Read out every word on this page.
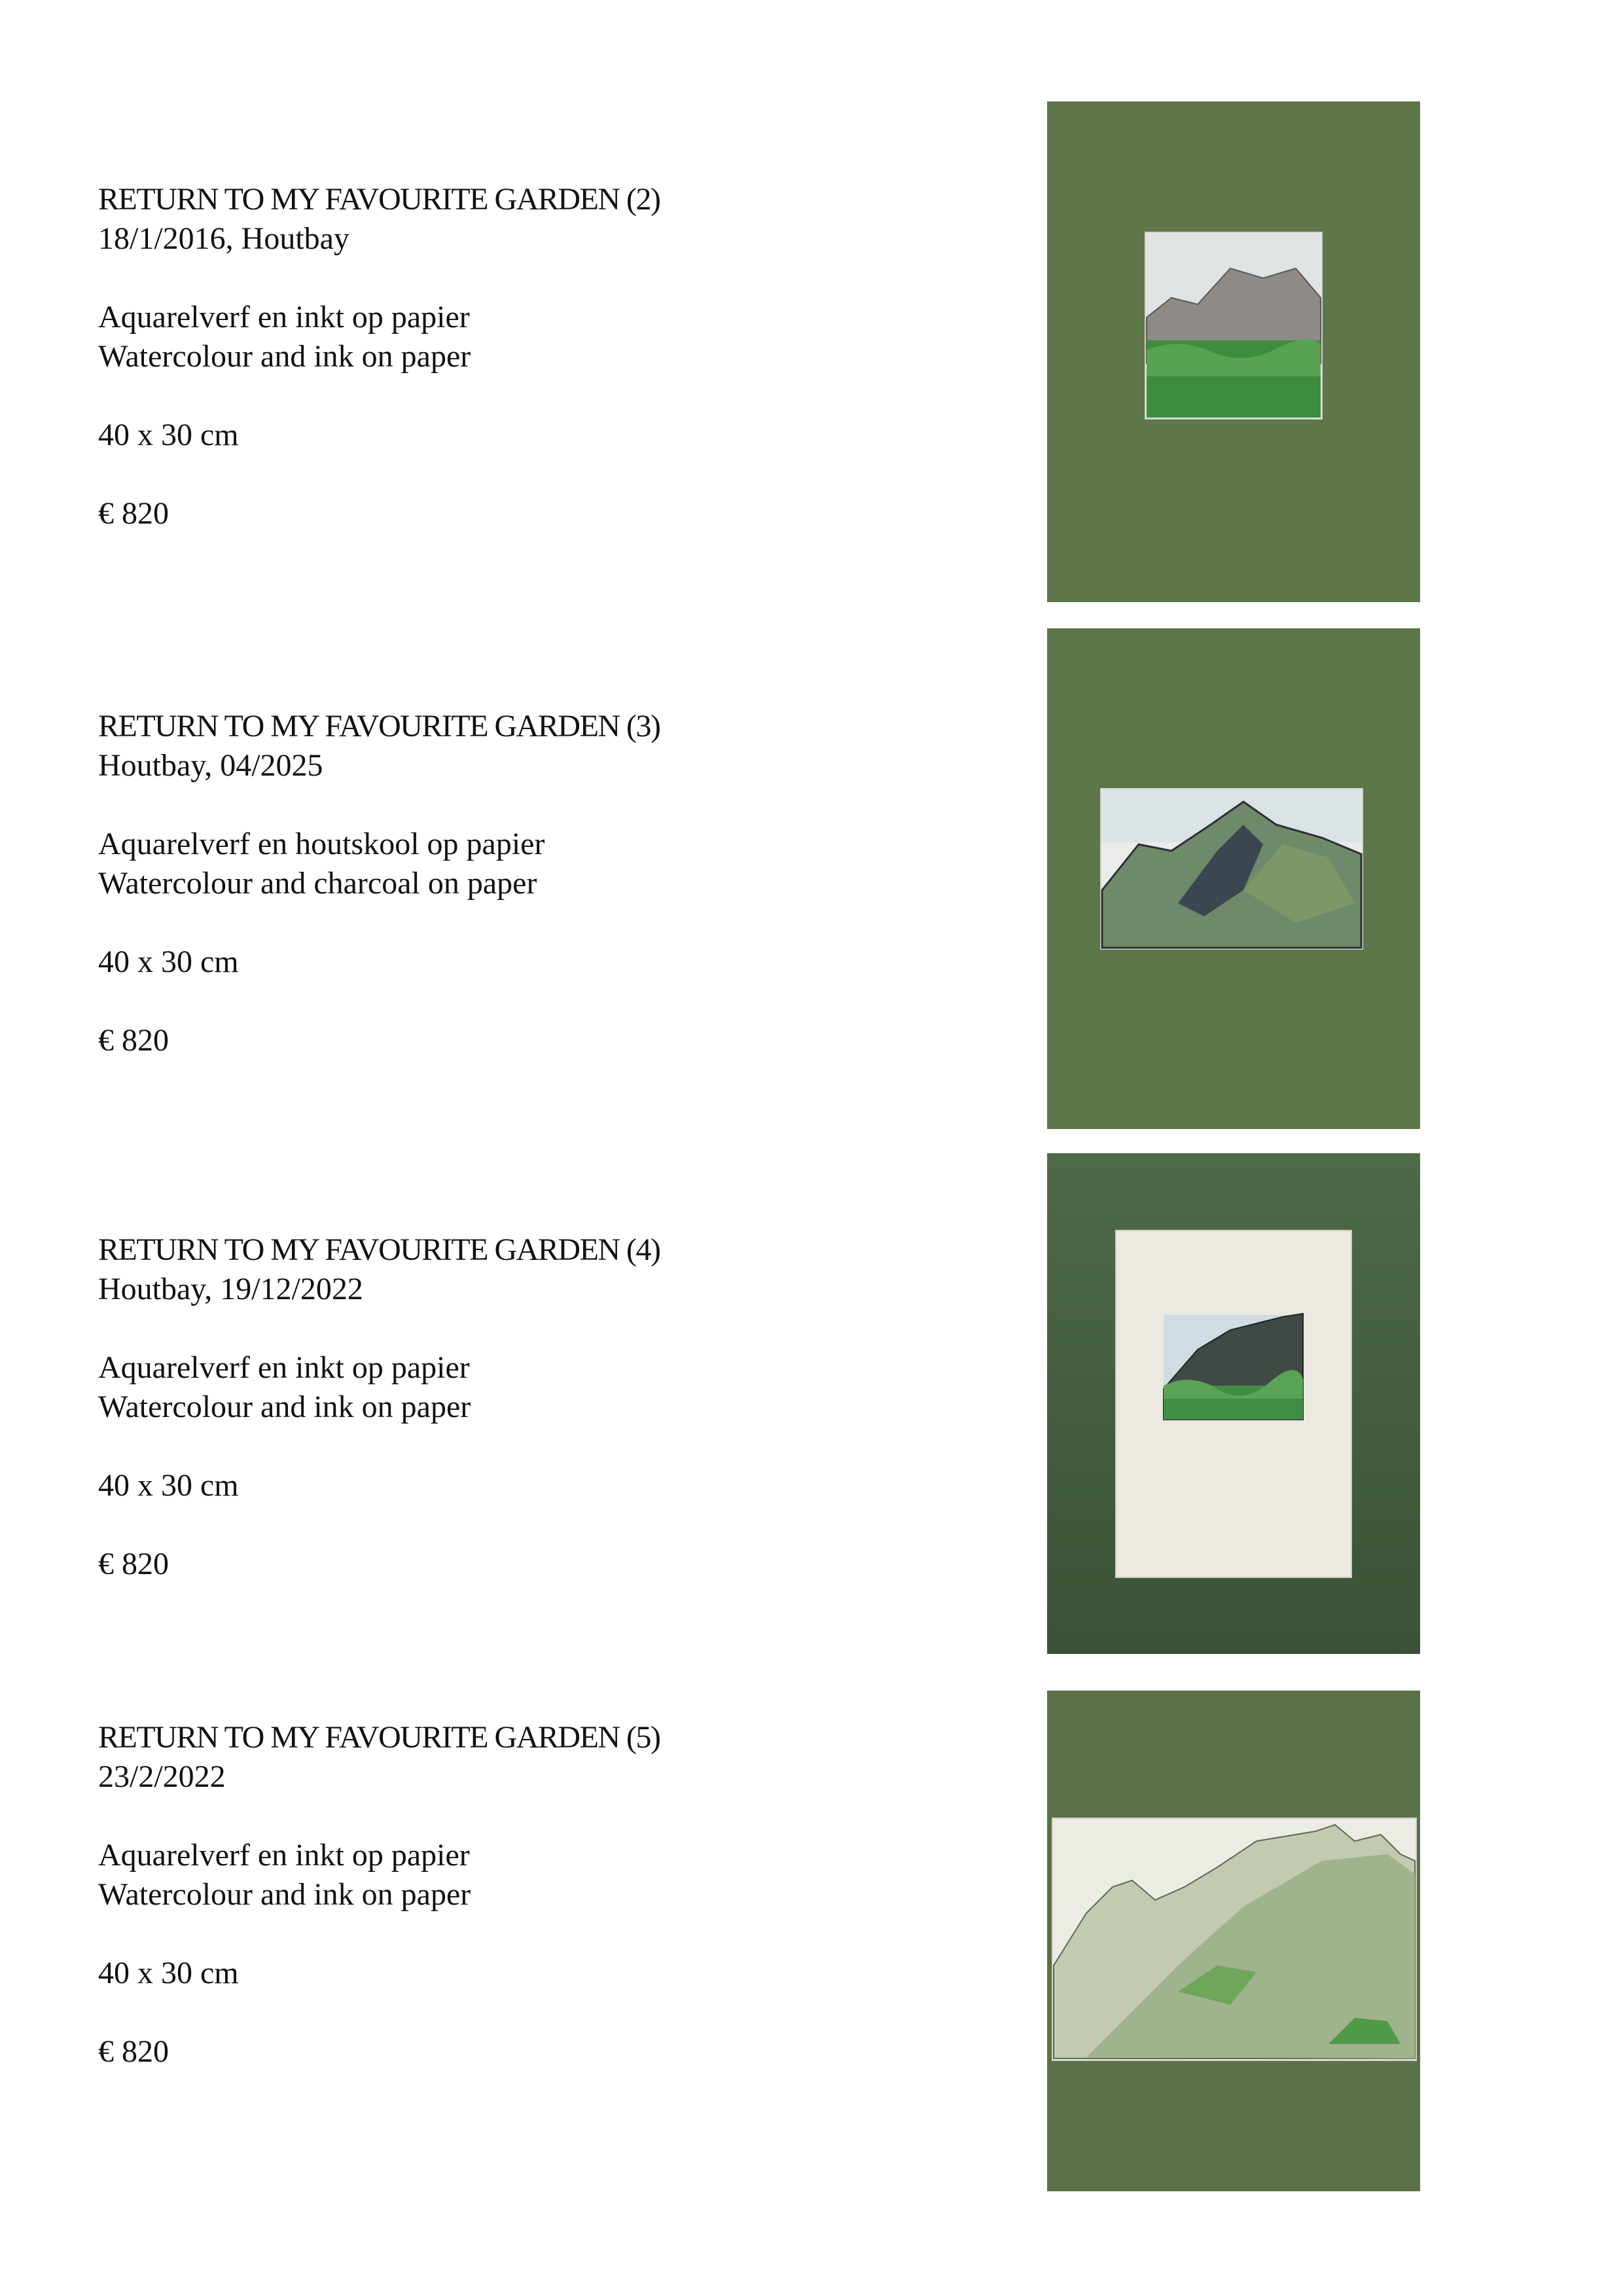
RETURN TO MY FAVOURITE GARDEN (2)

18/1/2016, Houtbay

Aquarelverf en inkt op papier

Watercolour and ink on paper

40 x 30 cm

€ 820

RETURN TO MY FAVOURITE GARDEN (3)

Houtbay, 04/2025

Aquarelverf en houtskool op papier

Watercolour and charcoal on paper

40 x 30 cm

€ 820

RETURN TO MY FAVOURITE GARDEN (4)

Houtbay, 19/12/2022

Aquarelverf en inkt op papier

Watercolour and ink on paper

40 x 30 cm

€ 820

RETURN TO MY FAVOURITE GARDEN (5)

23/2/2022

Aquarelverf en inkt op papier

Watercolour and ink on paper

40 x 30 cm

€ 820
